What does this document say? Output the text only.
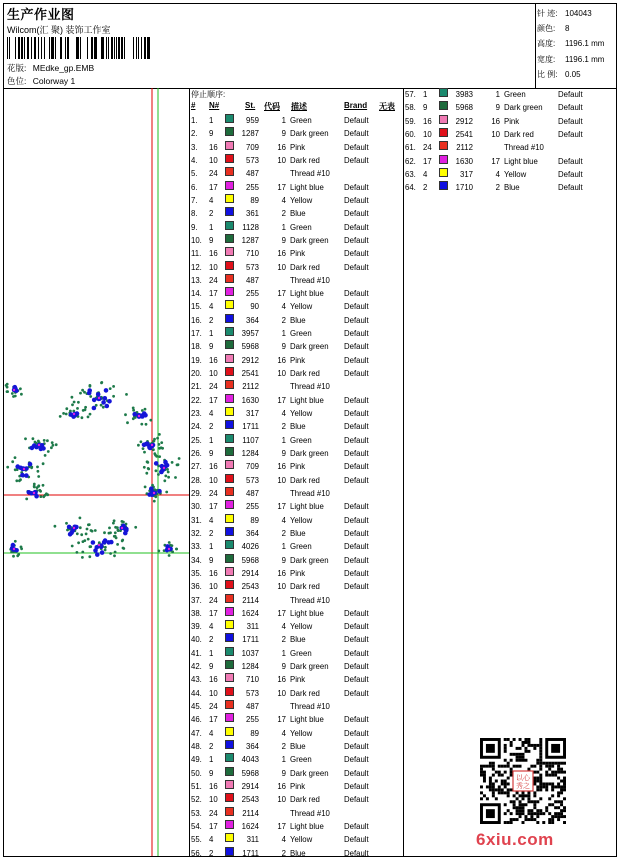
生产作业图
Wilcom(汇 聚) 装饰工作室
花版: MEdke_gp.EMB
色位: Colorway 1
针 迹: 104043
颜色: 8
高度: 1196.1 mm
宽度: 1196.1 mm
比 例: 0.05
停止顺序:
# N#	St. 代码 描述	Brand 无表
1. 1	959	1 Green	Default
2. 9	1287	9 Dark green Default
3. 16	709	16 Pink	Default
4. 10	573	10 Dark red	Default
5. 24	487	Thread #10
6. 17	255	17 Light blue	Default
7. 4	89	4 Yellow	Default
8. 2	361	2 Blue	Default
9. 1	1128	1 Green	Default
10. 9	1287	9 Dark green Default
11. 16	710	16 Pink	Default
12. 10	573	10 Dark red	Default
13. 24	487	Thread #10
14. 17	255	17 Light blue	Default
15. 4	90	4 Yellow	Default
16. 2	364	2 Blue	Default
17. 1	3957	1 Green	Default
18. 9	5968	9 Dark green Default
19. 16	2912	16 Pink	Default
20. 10	2541	10 Dark red	Default
21. 24	2112	Thread #10
22. 17	1630	17 Light blue	Default
23. 4	317	4 Yellow	Default
24. 2	1711	2 Blue	Default
25. 1	1107	1 Green	Default
26. 9	1284	9 Dark green Default
27. 16	709	16 Pink	Default
28. 10	573	10 Dark red	Default
29. 24	487	Thread #10
30. 17	255	17 Light blue	Default
31. 4	89	4 Yellow	Default
32. 2	364	2 Blue	Default
33. 1	4026	1 Green	Default
34. 9	5968	9 Dark green Default
35. 16	2914	16 Pink	Default
36. 10	2543	10 Dark red	Default
37. 24	2114	Thread #10
38. 17	1624	17 Light blue	Default
39. 4	311	4 Yellow	Default
40. 2	1711	2 Blue	Default
41. 1	1037	1 Green	Default
42. 9	1284	9 Dark green Default
43. 16	710	16 Pink	Default
44. 10	573	10 Dark red	Default
45. 24	487	Thread #10
46. 17	255	17 Light blue	Default
47. 4	89	4 Yellow	Default
48. 2	364	2 Blue	Default
49. 1	4043	1 Green	Default
50. 9	5968	9 Dark green Default
51. 16	2914	16 Pink	Default
52. 10	2543	10 Dark red	Default
53. 24	2114	Thread #10
54. 17	1624	17 Light blue	Default
55. 4	311	4 Yellow	Default
56. 2	1711	2 Blue	Default
57. 1	3983	1 Green	Default
58. 9	5968	9 Dark green Default
59. 16	2912	16 Pink	Default
60. 10	2541	10 Dark red	Default
61. 24	2112	Thread #10
62. 17	1630	17 Light blue	Default
63. 4	317	4 Yellow	Default
64. 2	1710	2 Blue	Default
以心
秀之
6xiu.com
